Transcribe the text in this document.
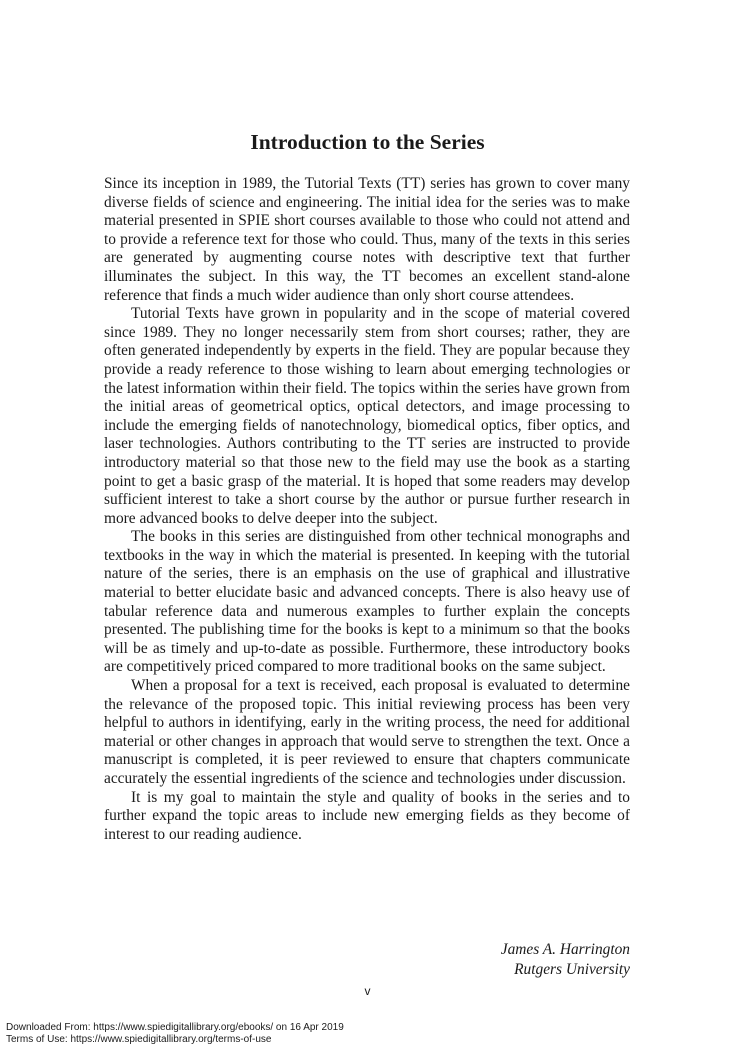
Introduction to the Series

Since its inception in 1989, the Tutorial Texts (TT) series has grown to cover many diverse fields of science and engineering. The initial idea for the series was to make material presented in SPIE short courses available to those who could not attend and to provide a reference text for those who could. Thus, many of the texts in this series are generated by augmenting course notes with descriptive text that further illuminates the subject. In this way, the TT becomes an excellent stand-alone reference that finds a much wider audience than only short course attendees.

Tutorial Texts have grown in popularity and in the scope of material covered since 1989. They no longer necessarily stem from short courses; rather, they are often generated independently by experts in the field. They are popular because they provide a ready reference to those wishing to learn about emerging technologies or the latest information within their field. The topics within the series have grown from the initial areas of geometrical optics, optical detectors, and image processing to include the emerging fields of nanotechnology, biomedical optics, fiber optics, and laser technologies. Authors contributing to the TT series are instructed to provide introductory material so that those new to the field may use the book as a starting point to get a basic grasp of the material. It is hoped that some readers may develop sufficient interest to take a short course by the author or pursue further research in more advanced books to delve deeper into the subject.

The books in this series are distinguished from other technical monographs and textbooks in the way in which the material is presented. In keeping with the tutorial nature of the series, there is an emphasis on the use of graphical and illustrative material to better elucidate basic and advanced concepts. There is also heavy use of tabular reference data and numerous examples to further explain the concepts presented. The publishing time for the books is kept to a minimum so that the books will be as timely and up-to-date as possible. Furthermore, these introductory books are competitively priced compared to more traditional books on the same subject.

When a proposal for a text is received, each proposal is evaluated to determine the relevance of the proposed topic. This initial reviewing process has been very helpful to authors in identifying, early in the writing process, the need for additional material or other changes in approach that would serve to strengthen the text. Once a manuscript is completed, it is peer reviewed to ensure that chapters communicate accurately the essential ingredients of the science and technologies under discussion.

It is my goal to maintain the style and quality of books in the series and to further expand the topic areas to include new emerging fields as they become of interest to our reading audience.

James A. Harrington
Rutgers University
v
Downloaded From: https://www.spiedigitallibrary.org/ebooks/ on 16 Apr 2019
Terms of Use: https://www.spiedigitallibrary.org/terms-of-use
